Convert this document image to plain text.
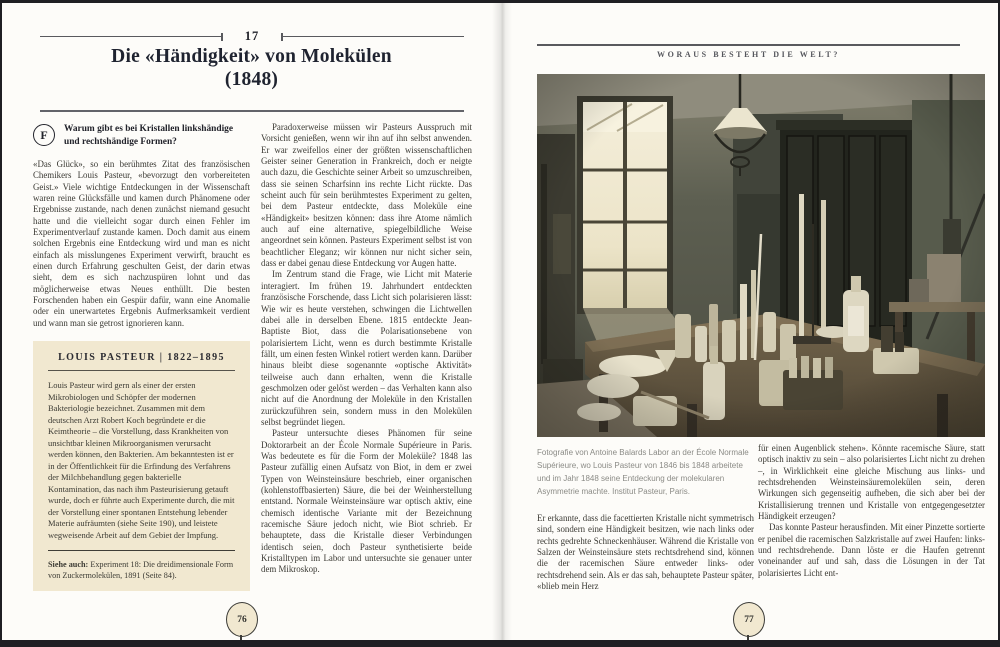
17
Die «Händigkeit» von Molekülen
(1848)
F Warum gibt es bei Kristallen linkshändige und rechtshändige Formen?

«Das Glück», so ein berühmtes Zitat des französischen Chemikers Louis Pasteur, «bevorzugt den vorbereiteten Geist.» Viele wichtige Entdeckungen in der Wissenschaft waren reine Glücksfälle und kamen durch Phänomene oder Ergebnisse zustande, nach denen zunächst niemand gesucht hatte und die vielleicht sogar durch einen Fehler im Experimentverlauf zustande kamen. Doch damit aus einem solchen Ergebnis eine Entdeckung wird und man es nicht einfach als misslungenes Experiment verwirft, braucht es einen durch Erfahrung geschulten Geist, der darin etwas sieht, dem es sich nachzuspüren lohnt und das möglicherweise etwas Neues enthüllt. Die besten Forschenden haben ein Gespür dafür, wann eine Anomalie oder ein unerwartetes Ergebnis Aufmerksamkeit verdient und wann man sie getrost ignorieren kann.

LOUIS PASTEUR | 1822–1895

Louis Pasteur wird gern als einer der ersten Mikrobiologen und Schöpfer der modernen Bakteriologie bezeichnet. Zusammen mit dem deutschen Arzt Robert Koch begründete er die Keimtheorie – die Vorstellung, dass Krankheiten von unsichtbar kleinen Mikroorganismen verursacht werden können, den Bakterien. Am bekanntesten ist er in der Öffentlichkeit für die Erfindung des Verfahrens der Milchbehandlung gegen bakterielle Kontamination, das nach ihm Pasteurisierung getauft wurde, doch er führte auch Experimente durch, die mit der Vorstellung einer spontanen Entstehung lebender Materie aufräumten (siehe Seite 190), und leistete wegweisende Arbeit auf dem Gebiet der Impfung.

Siehe auch: Experiment 18: Die dreidimensionale Form von Zuckermolekülen, 1891 (Seite 84).

Paradoxerweise müssen wir Pasteurs Ausspruch mit Vorsicht genießen, wenn wir ihn auf ihn selbst anwenden. Er war zweifellos einer der größten wissenschaftlichen Geister seiner Generation in Frankreich, doch er neigte auch dazu, die Geschichte seiner Arbeit so umzuschreiben, dass sie seinen Scharfsinn ins rechte Licht rückte. Das scheint auch für sein berühmtestes Experiment zu gelten, bei dem Pasteur entdeckte, dass Moleküle eine «Händigkeit» besitzen können: dass ihre Atome nämlich auch auf eine alternative, spiegelbildliche Weise angeordnet sein können. Pasteurs Experiment selbst ist von beachtlicher Eleganz; wir können nur nicht sicher sein, dass er dabei genau diese Entdeckung vor Augen hatte.

Im Zentrum stand die Frage, wie Licht mit Materie interagiert. Im frühen 19. Jahrhundert entdeckten französische Forschende, dass Licht sich polarisieren lässt: Wie wir es heute verstehen, schwingen die Lichtwellen dabei alle in derselben Ebene. 1815 entdeckte Jean-Baptiste Biot, dass die Polarisationsebene von polarisiertem Licht, wenn es durch bestimmte Kristalle fällt, um einen festen Winkel rotiert werden kann. Darüber hinaus bleibt diese sogenannte «optische Aktivität» teilweise auch dann erhalten, wenn die Kristalle geschmolzen oder gelöst werden – das Verhalten kann also nicht auf die Anordnung der Moleküle in den Kristallen zurückzuführen sein, sondern muss in den Molekülen selbst begründet liegen.

Pasteur untersuchte dieses Phänomen für seine Doktorarbeit an der École Normale Supérieure in Paris. Was bedeutete es für die Form der Moleküle? 1848 las Pasteur zufällig einen Aufsatz von Biot, in dem er zwei Typen von Weinsteinsäure beschrieb, einer organischen (kohlenstoffbasierten) Säure, die bei der Weinherstellung entstand. Normale Weinsteinsäure war optisch aktiv, eine chemisch identische Variante mit der Bezeichnung racemische Säure jedoch nicht, wie Biot schrieb. Er behauptete, dass die Kristalle dieser Verbindungen identisch seien, doch Pasteur synthetisierte beide Kristalltypen im Labor und untersuchte sie genauer unter dem Mikroskop.

76
WORAUS BESTEHT DIE WELT?

Fotografie von Antoine Balards Labor an der École Normale Supérieure, wo Louis Pasteur von 1846 bis 1848 arbeitete und im Jahr 1848 seine Entdeckung der molekularen Asymmetrie machte. Institut Pasteur, Paris.

Er erkannte, dass die facettierten Kristalle nicht symmetrisch sind, sondern eine Händigkeit besitzen, wie nach links oder rechts gedrehte Schneckenhäuser. Während die Kristalle von Salzen der Weinsteinsäure stets rechtsdrehend sind, können die der racemischen Säure entweder links- oder rechtsdrehend sein. Als er das sah, behauptete Pasteur später, «blieb mein Herz

für einen Augenblick stehen». Könnte racemische Säure, statt optisch inaktiv zu sein – also polarisiertes Licht nicht zu drehen –, in Wirklichkeit eine gleiche Mischung aus links- und rechtsdrehenden Weinsteinsäuremolekülen sein, deren Wirkungen sich gegenseitig aufheben, die sich aber bei der Kristallisierung trennen und Kristalle von entgegengesetzter Händigkeit erzeugen?

Das konnte Pasteur herausfinden. Mit einer Pinzette sortierte er penibel die racemischen Salzkristalle auf zwei Haufen: links- und rechtsdrehende. Dann löste er die Haufen getrennt voneinander auf und sah, dass die Lösungen in der Tat polarisiertes Licht ent-

77
